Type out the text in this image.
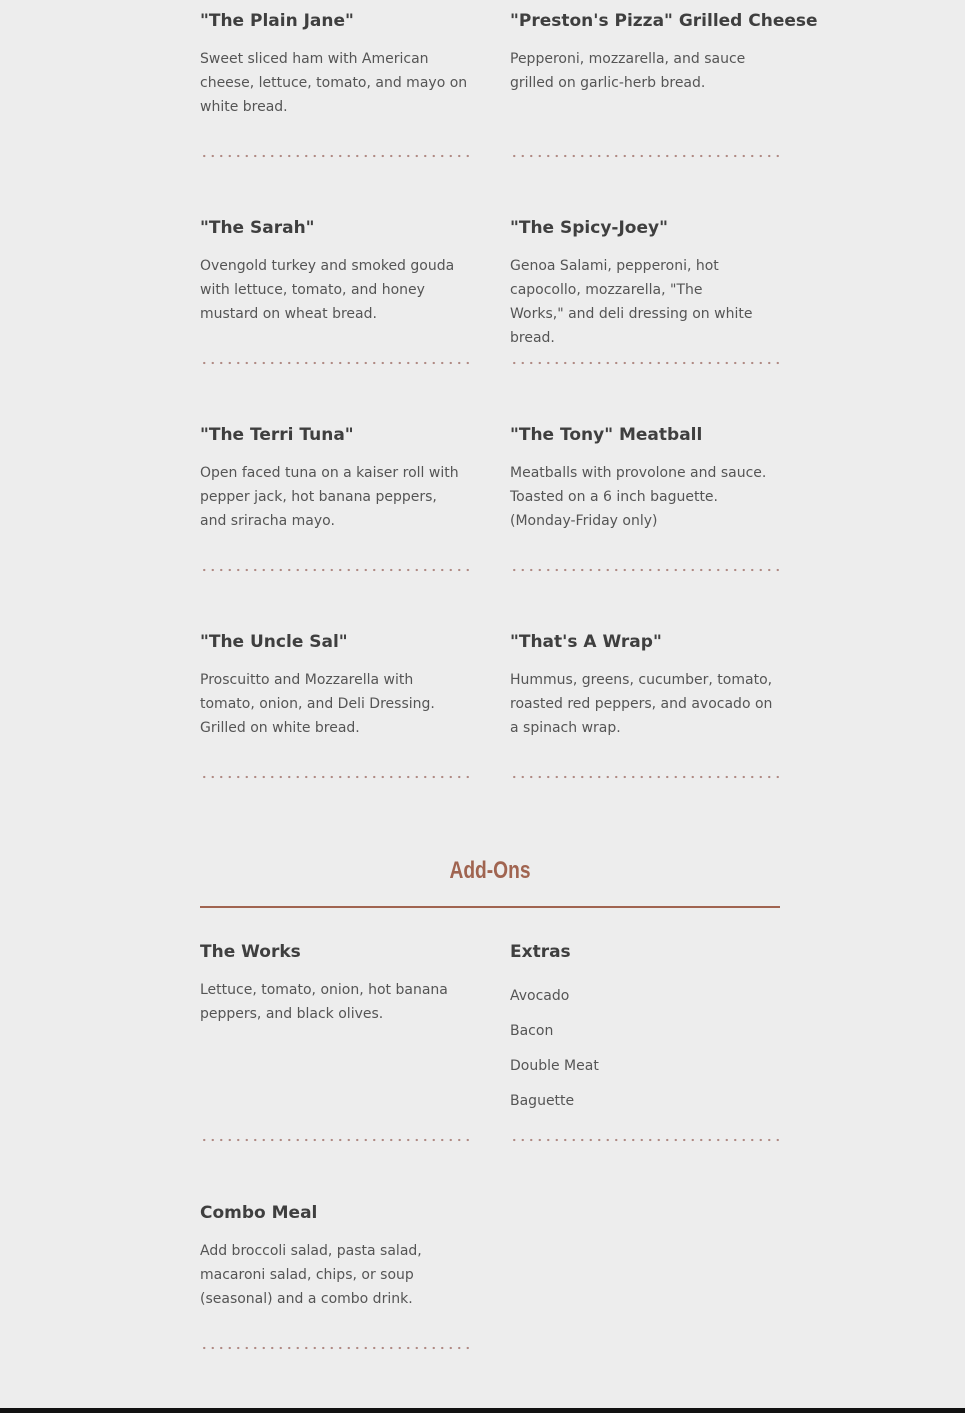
"The Plain Jane"

Sweet sliced ham with American cheese, lettuce, tomato, and mayo on white bread.

"Preston's Pizza" Grilled Cheese

Pepperoni, mozzarella, and sauce grilled on garlic-herb bread.

"The Sarah"

Ovengold turkey and smoked gouda with lettuce, tomato, and honey mustard on wheat bread.

"The Spicy-Joey"

Genoa Salami, pepperoni, hot capocollo, mozzarella, "The Works," and deli dressing on white bread.

"The Terri Tuna"

Open faced tuna on a kaiser roll with pepper jack, hot banana peppers, and sriracha mayo.

"The Tony" Meatball

Meatballs with provolone and sauce. Toasted on a 6 inch baguette. (Monday-Friday only)

"The Uncle Sal"

Proscuitto and Mozzarella with tomato, onion, and Deli Dressing. Grilled on white bread.

"That's A Wrap"

Hummus, greens, cucumber, tomato, roasted red peppers, and avocado on a spinach wrap.

Add-Ons
The Works

Lettuce, tomato, onion, hot banana peppers, and black olives.

Extras
Avocado
Bacon
Double Meat
Baguette
Combo Meal

Add broccoli salad, pasta salad, macaroni salad, chips, or soup (seasonal) and a combo drink.
